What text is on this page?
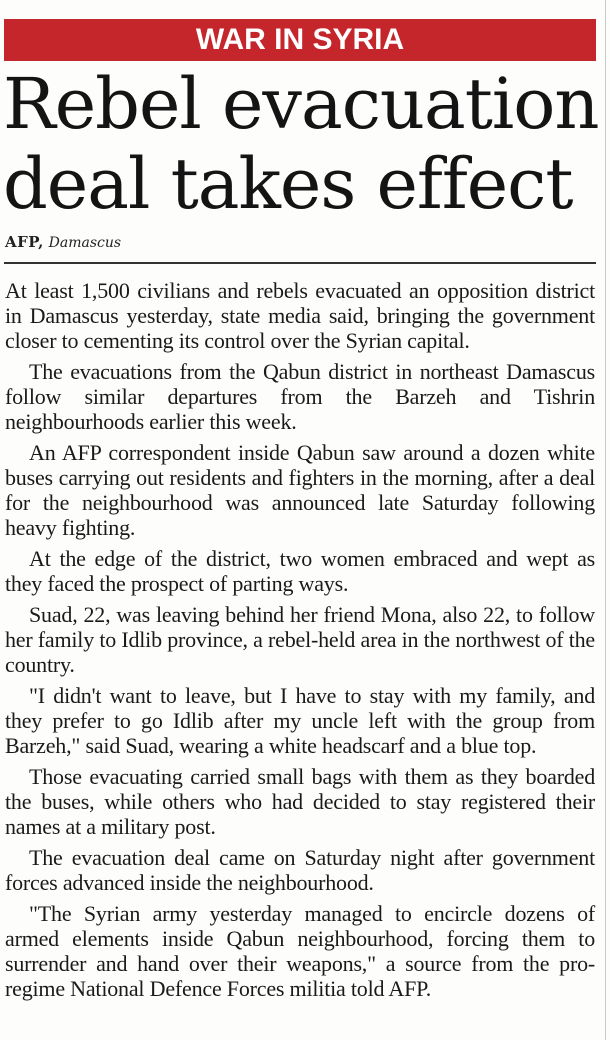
WAR IN SYRIA
Rebel evacuation
deal takes effect
AFP, Damascus

At least 1,500 civilians and rebels evacuated an opposition district in Damascus yesterday, state media said, bringing the government closer to cementing its control over the Syrian capital.

The evacuations from the Qabun district in northeast Damascus follow similar departures from the Barzeh and Tishrin neighbourhoods earlier this week.

An AFP correspondent inside Qabun saw around a dozen white buses carrying out residents and fighters in the morning, after a deal for the neighbourhood was announced late Saturday following heavy fighting.

At the edge of the district, two women embraced and wept as they faced the prospect of parting ways.

Suad, 22, was leaving behind her friend Mona, also 22, to follow her family to Idlib province, a rebel-held area in the northwest of the country.

"I didn't want to leave, but I have to stay with my family, and they prefer to go Idlib after my uncle left with the group from Barzeh," said Suad, wearing a white headscarf and a blue top.

Those evacuating carried small bags with them as they boarded the buses, while others who had decided to stay registered their names at a military post.

The evacuation deal came on Saturday night after government forces advanced inside the neighbourhood.

"The Syrian army yesterday managed to encircle dozens of armed elements inside Qabun neighbourhood, forcing them to surrender and hand over their weapons," a source from the pro-regime National Defence Forces militia told AFP.
